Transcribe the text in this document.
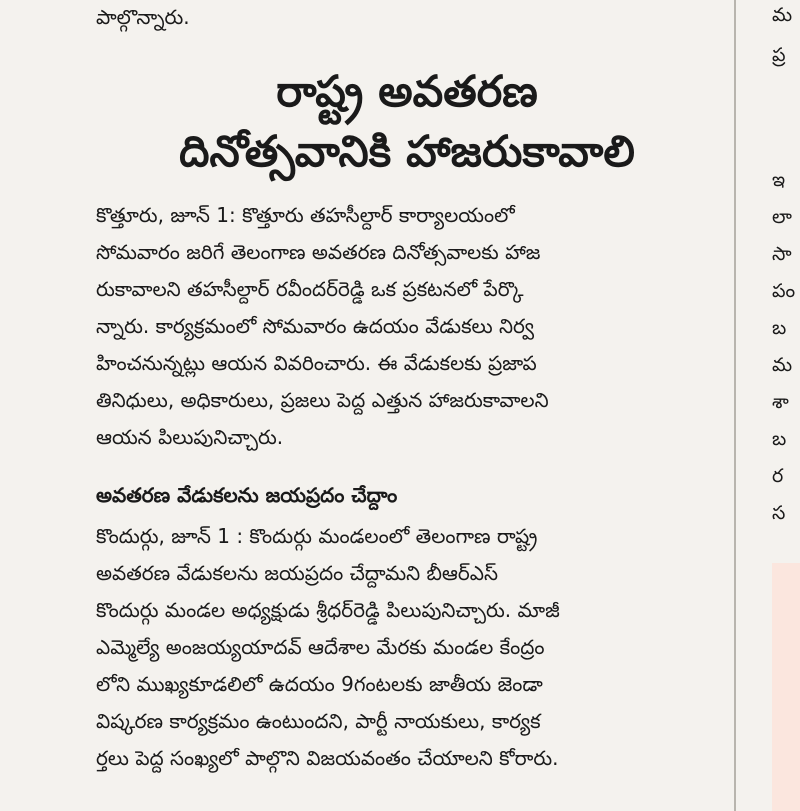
పాల్గొన్నారు.
రాష్ట్ర అవతరణ
దినోత్సవానికి హాజరుకావాలి
కొత్తూరు, జూన్ 1: కొత్తూరు తహసీల్దార్ కార్యాలయంలో
సోమవారం జరిగే తెలంగాణ అవతరణ దినోత్సవాలకు హాజ
రుకావాలని తహసీల్దార్ రవీందర్‌రెడ్డి ఒక ప్రకటనలో పేర్కొ
న్నారు. కార్యక్రమంలో సోమవారం ఉదయం వేడుకలు నిర్వ
హించనున్నట్లు ఆయన వివరించారు. ఈ వేడుకలకు ప్రజాప
తినిధులు, అధికారులు, ప్రజలు పెద్ద ఎత్తున హాజరుకావాలని
ఆయన పిలుపునిచ్చారు.
అవతరణ వేడుకలను జయప్రదం చేద్దాం
కొందుర్గు, జూన్ 1 : కొందుర్గు మండలంలో తెలంగాణ రాష్ట్ర
అవతరణ వేడుకలను జయప్రదం చేద్దామని బీఆర్ఎస్
కొందుర్గు మండల అధ్యక్షుడు శ్రీధర్‌రెడ్డి పిలుపునిచ్చారు. మాజీ
ఎమ్మెల్యే అంజయ్యయాదవ్ ఆదేశాల మేరకు మండల కేంద్రం
లోని ముఖ్యకూడలిలో ఉదయం 9గంటలకు జాతీయ జెండా
విష్కరణ కార్యక్రమం ఉంటుందని, పార్టీ నాయకులు, కార్యక
ర్తలు పెద్ద సంఖ్యలో పాల్గొని విజయవంతం చేయాలని కోరారు.
మ
ప్ర
ఇ
లా
సా
పం
బ
మ
శా
బ
ర
స
